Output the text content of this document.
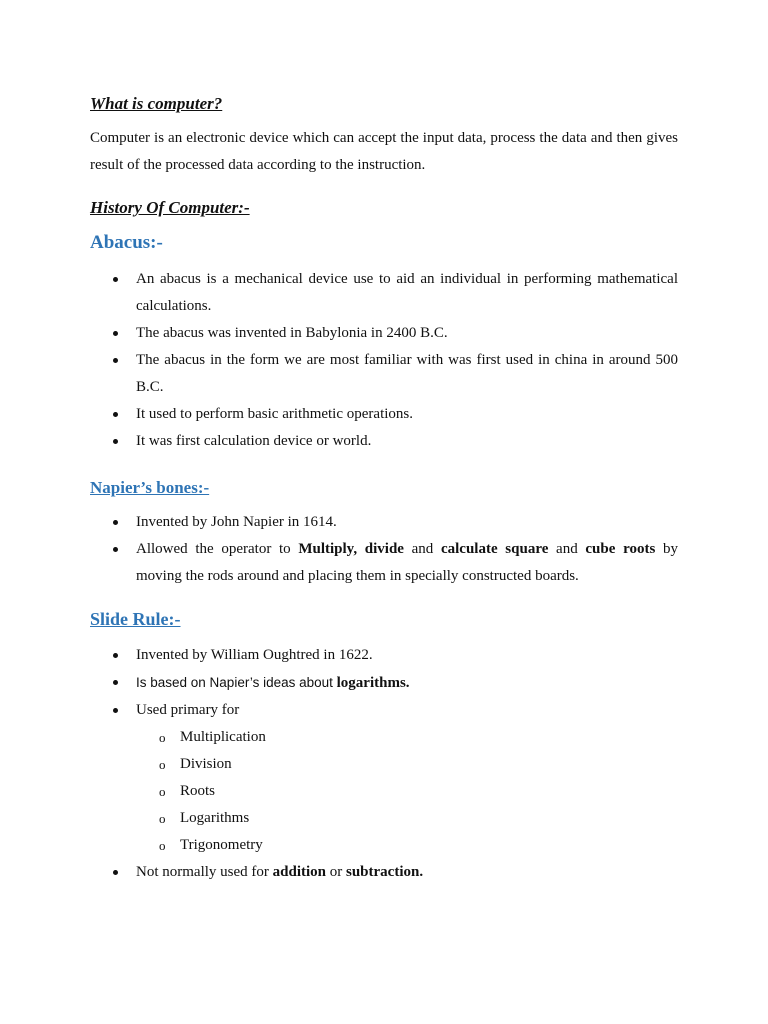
What is computer?

Computer is an electronic device which can accept the input data, process the data and then gives result of the processed data according to the instruction.

History Of Computer:-
Abacus:-
An abacus is a mechanical device use to aid an individual in performing mathematical calculations.
The abacus was invented in Babylonia in 2400 B.C.
The abacus in the form we are most familiar with was first used in china in around 500 B.C.
It used to perform basic arithmetic operations.
It was first calculation device or world.
Napier’s bones:-
Invented by John Napier in 1614.
Allowed the operator to Multiply, divide and calculate square and cube roots by moving the rods around and placing them in specially constructed boards.
Slide Rule:-
Invented by William Oughtred in 1622.
Is based on Napier’s ideas about logarithms.
Used primary for
o Multiplication
o Division
o Roots
o Logarithms
o Trigonometry
Not normally used for addition or subtraction.
